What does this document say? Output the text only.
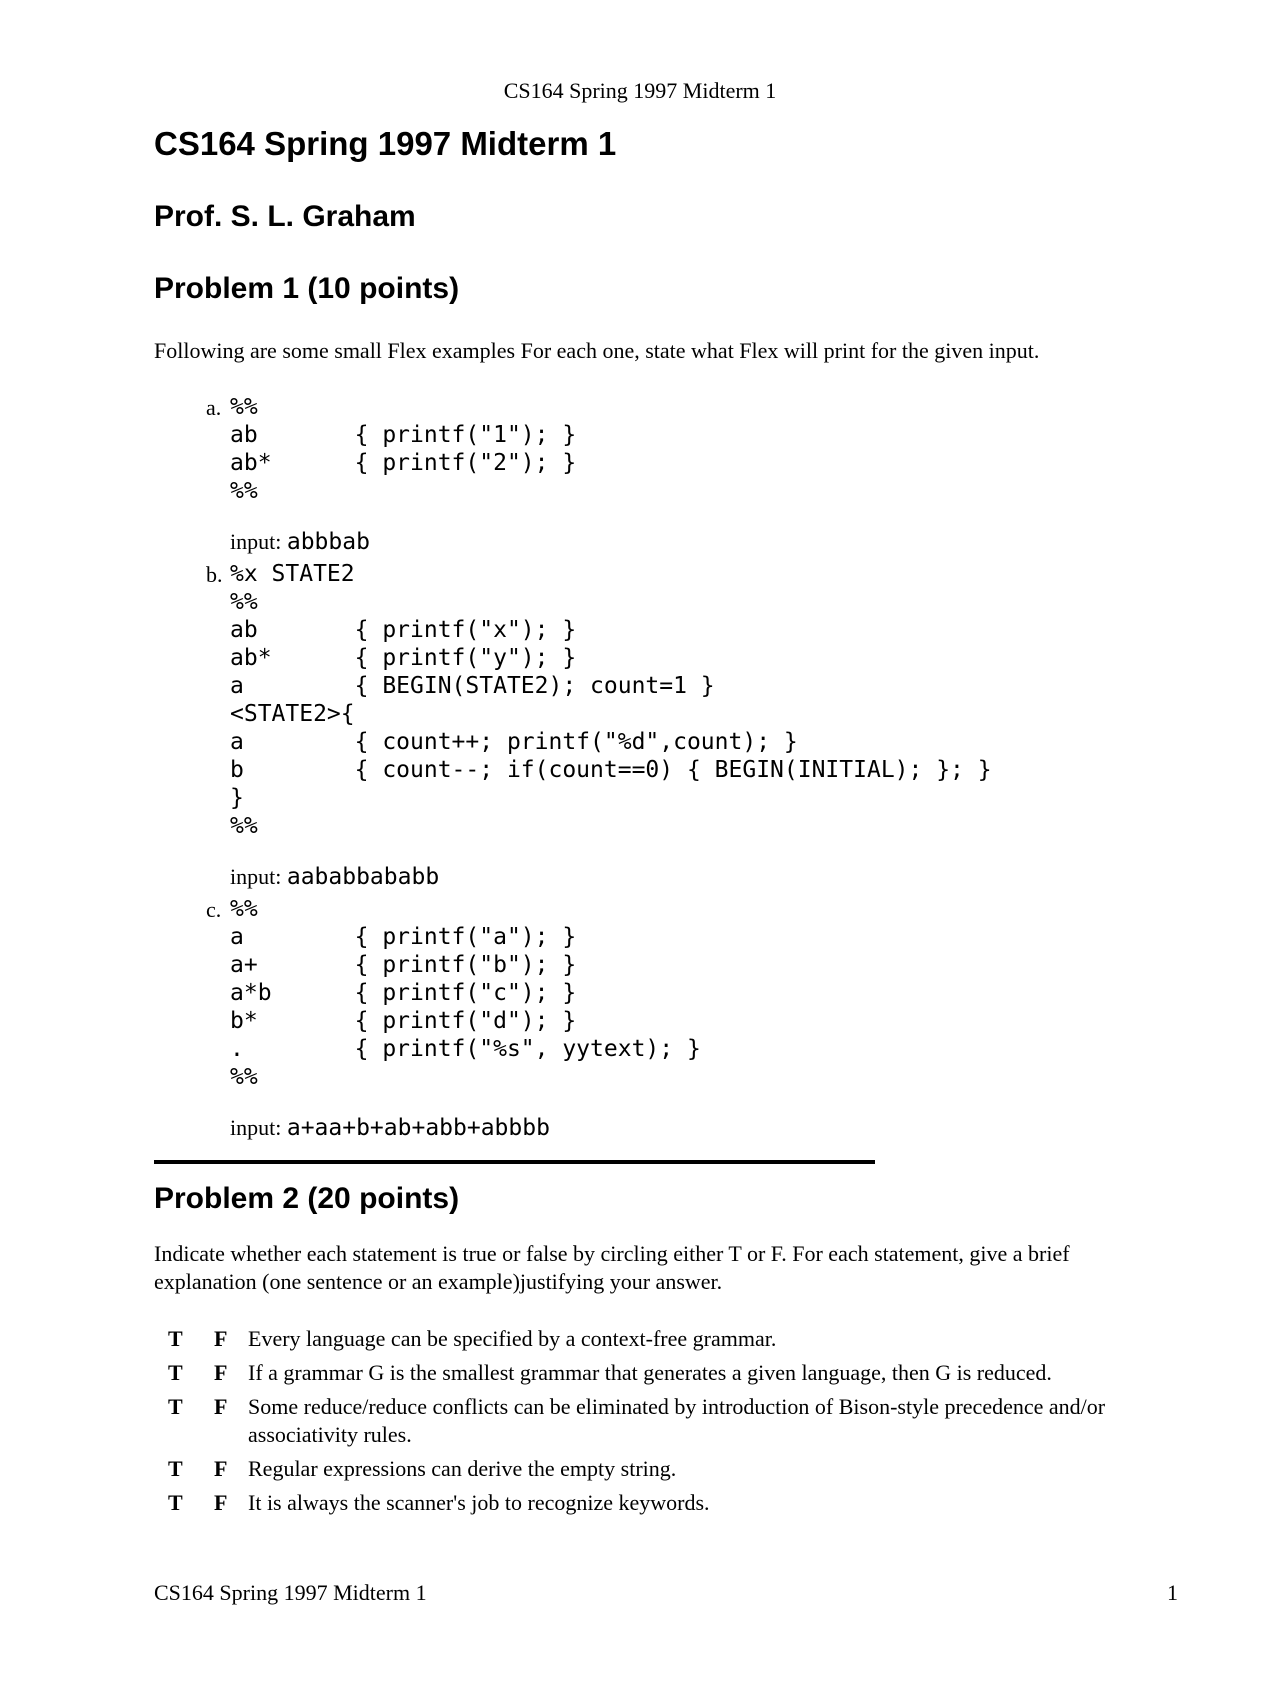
CS164 Spring 1997 Midterm 1
CS164 Spring 1997 Midterm 1
Prof. S. L. Graham
Problem 1 (10 points)
Following are some small Flex examples For each one, state what Flex will print for the given input.
a. %%
ab       { printf("1"); }
ab*      { printf("2"); }
%%
input: abbbab
b. %x STATE2
%%
ab       { printf("x"); }
ab*      { printf("y"); }
a        { BEGIN(STATE2); count=1 }
<STATE2>{
a        { count++; printf("%d",count); }
b        { count--; if(count==0) { BEGIN(INITIAL); }; }
}
%%
input: aababbababb
c. %%
a        { printf("a"); }
a+       { printf("b"); }
a*b      { printf("c"); }
b*       { printf("d"); }
.        { printf("%s", yytext); }
%%
input: a+aa+b+ab+abb+abbbb
Problem 2 (20 points)
Indicate whether each statement is true or false by circling either T or F. For each statement, give a brief explanation (one sentence or an example)justifying your answer.
T F Every language can be specified by a context-free grammar.
T F If a grammar G is the smallest grammar that generates a given language, then G is reduced.
T F Some reduce/reduce conflicts can be eliminated by introduction of Bison-style precedence and/or associativity rules.
T F Regular expressions can derive the empty string.
T F It is always the scanner's job to recognize keywords.
CS164 Spring 1997 Midterm 1	1
